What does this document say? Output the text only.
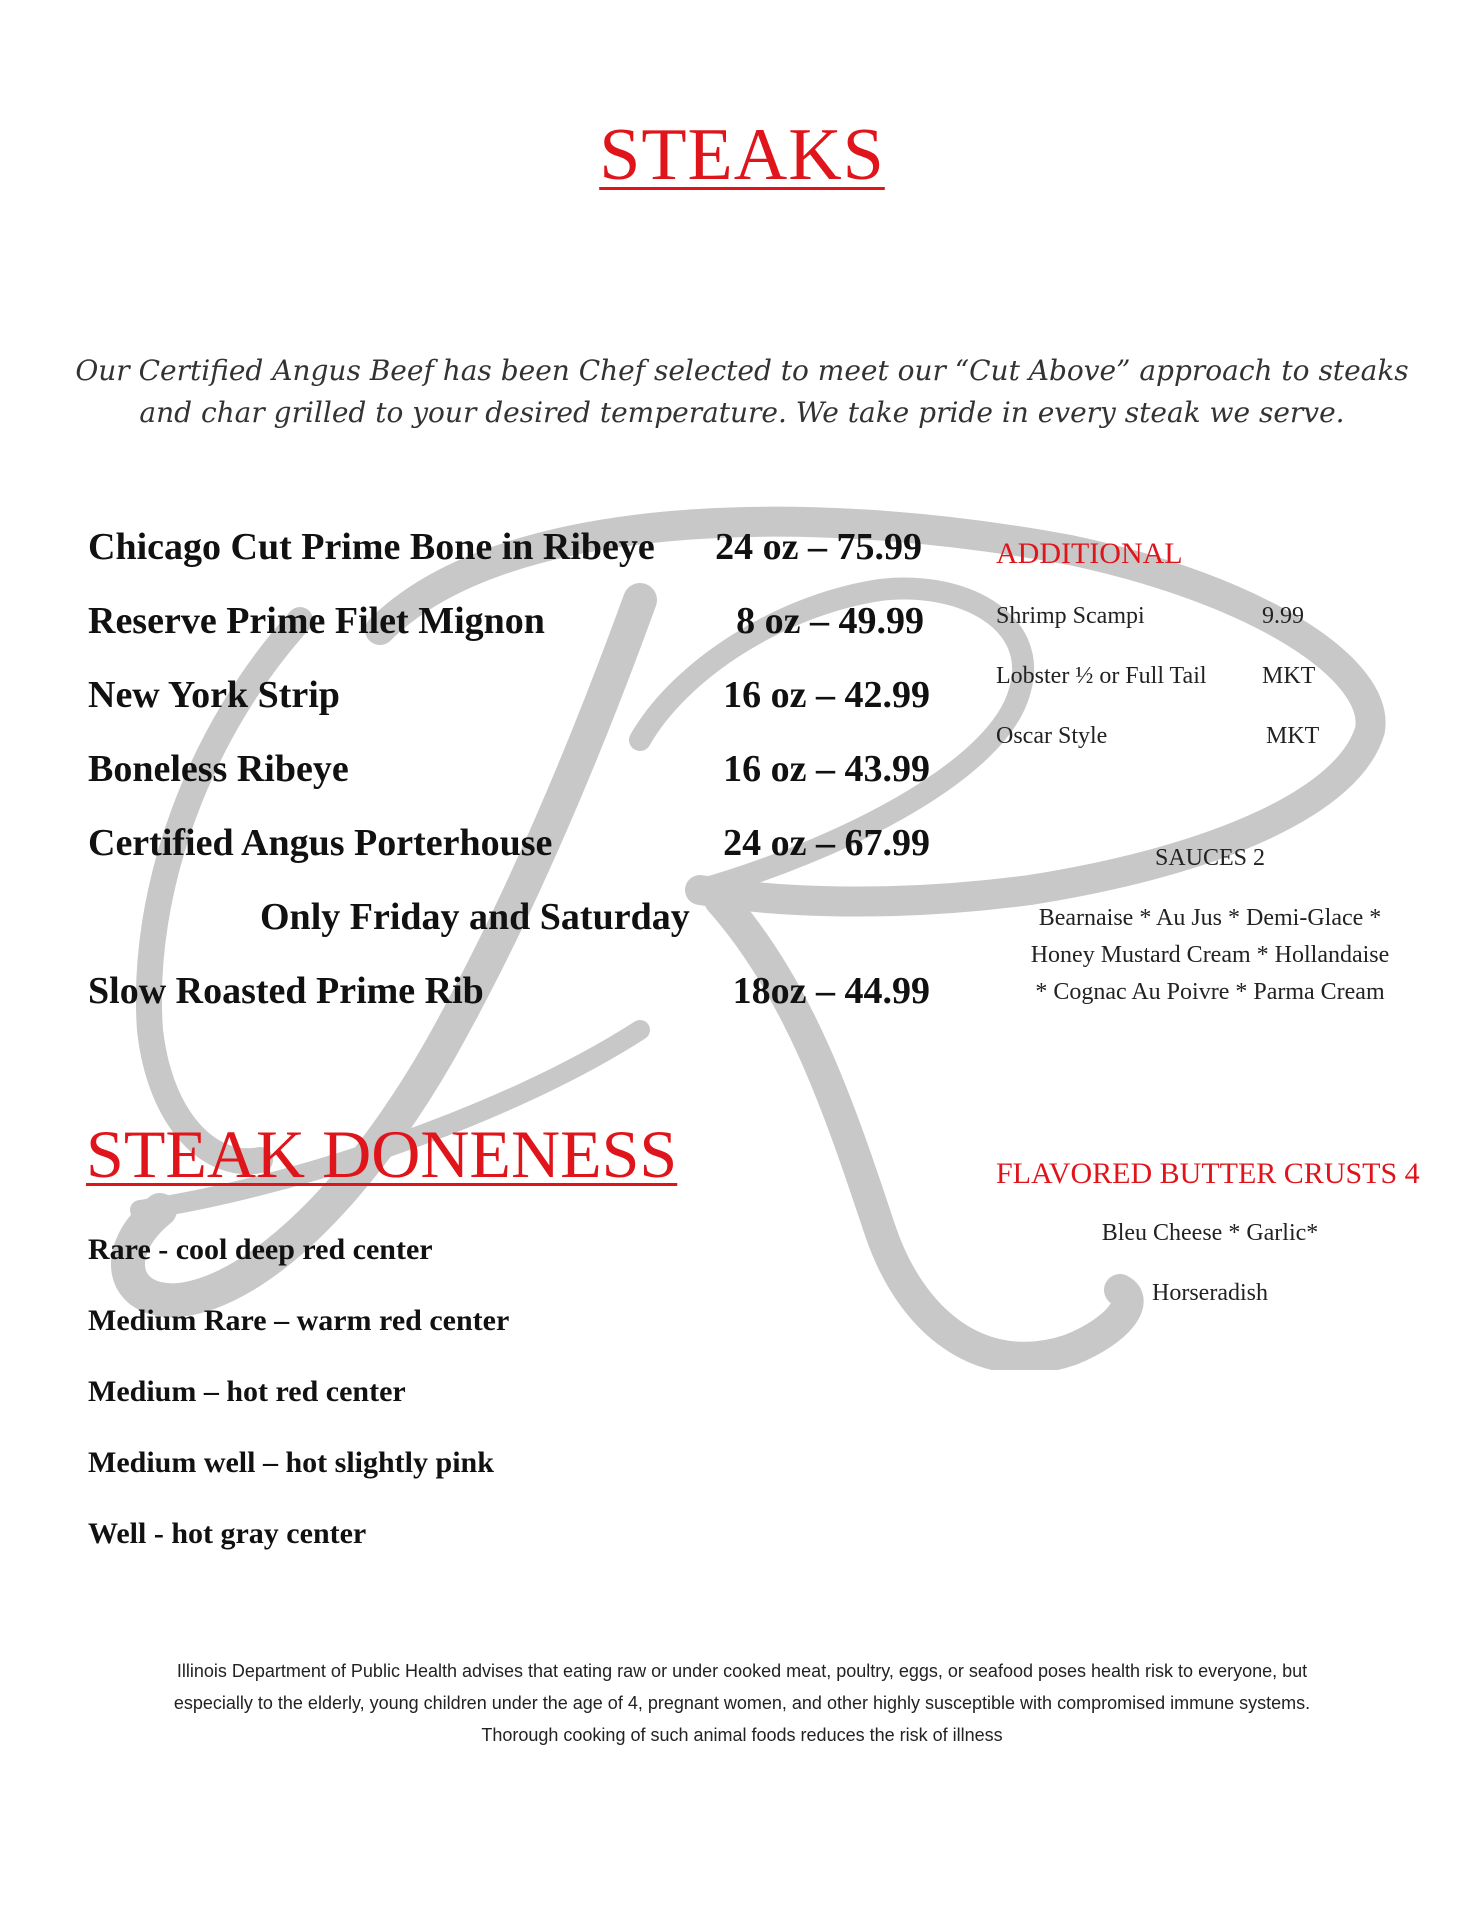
STEAKS
Our Certified Angus Beef has been Chef selected to meet our “Cut Above” approach to steaks
and char grilled to your desired temperature. We take pride in every steak we serve.
Chicago Cut Prime Bone in Ribeye 24 oz – 75.99
Reserve Prime Filet Mignon	8 oz – 49.99
New York Strip	16 oz – 42.99
Boneless Ribeye	16 oz – 43.99
Certified Angus Porterhouse	24 oz – 67.99
Only Friday and Saturday
Slow Roasted Prime Rib	18oz – 44.99
ADDITIONAL
Shrimp Scampi	9.99
Lobster ½ or Full Tail MKT
Oscar Style	MKT
SAUCES 2
Bearnaise * Au Jus * Demi-Glace *
Honey Mustard Cream * Hollandaise
* Cognac Au Poivre * Parma Cream
FLAVORED BUTTER CRUSTS 4
Bleu Cheese * Garlic*
Horseradish
STEAK DONENESS
Rare - cool deep red center
Medium Rare – warm red center
Medium – hot red center
Medium well – hot slightly pink
Well - hot gray center
Illinois Department of Public Health advises that eating raw or under cooked meat, poultry, eggs, or seafood poses health risk to everyone, but
especially to the elderly, young children under the age of 4, pregnant women, and other highly susceptible with compromised immune systems.
Thorough cooking of such animal foods reduces the risk of illness
